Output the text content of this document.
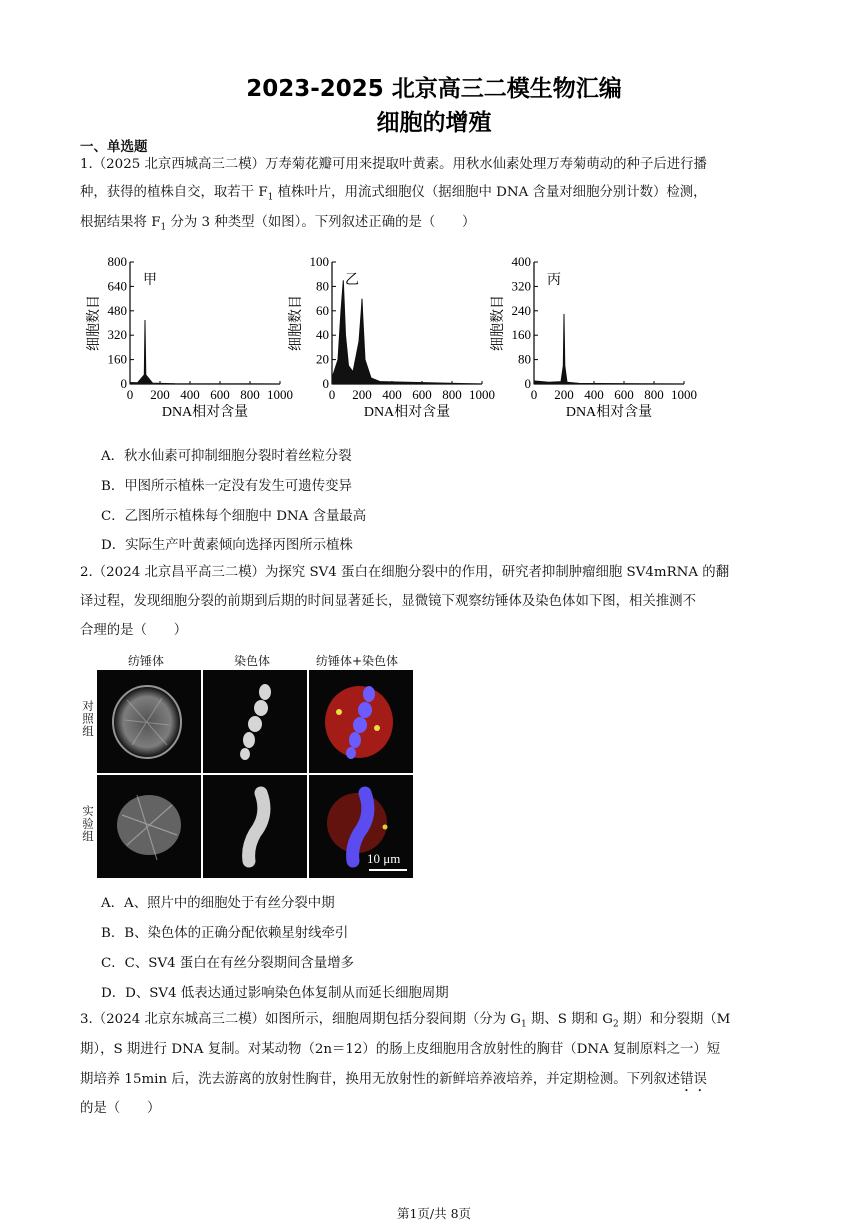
2023-2025 北京高三二模生物汇编
细胞的增殖
一、单选题
1.（2025 北京西城高三二模）万寿菊花瓣可用来提取叶黄素。用秋水仙素处理万寿菊萌动的种子后进行播
种，获得的植株自交，取若干 $F_1$ 植株叶片，用流式细胞仪（据细胞中 DNA 含量对细胞分别计数）检测，
根据结果将 $F_1$ 分为 3 种类型（如图）。下列叙述正确的是（　　）
0
160
320
480
640
800
0 200 400 600 800 1000
甲
DNA相对含量
细胞数目
0
20
40
60
80
100
0 200 400 600 800 1000
乙
DNA相对含量
细胞数目
0
80
160
240
320
400
0 200 400 600 800 1000
丙
DNA相对含量
细胞数目
A．秋水仙素可抑制细胞分裂时着丝粒分裂
B．甲图所示植株一定没有发生可遗传变异
C．乙图所示植株每个细胞中 DNA 含量最高
D．实际生产叶黄素倾向选择丙图所示植株
2.（2024 北京昌平高三二模）为探究 SV4 蛋白在细胞分裂中的作用，研究者抑制肿瘤细胞 SV4mRNA 的翻
译过程，发现细胞分裂的前期到后期的时间显著延长，显微镜下观察纺锤体及染色体如下图，相关推测不
合理的是（　　）
纺锤体	染色体	纺锤体+染色体
对照组
实验组
10 μm
A．A、照片中的细胞处于有丝分裂中期
B．B、染色体的正确分配依赖星射线牵引
C．C、SV4 蛋白在有丝分裂期间含量增多
D．D、SV4 低表达通过影响染色体复制从而延长细胞周期
3.（2024 北京东城高三二模）如图所示，细胞周期包括分裂间期（分为 $G_1$ 期、S 期和 $G_2$ 期）和分裂期（M
期），S 期进行 DNA 复制。对某动物（2n＝12）的肠上皮细胞用含放射性的胸苷（DNA 复制原料之一）短
期培养 15min 后，洗去游离的放射性胸苷，换用无放射性的新鲜培养液培养，并定期检测。下列叙述错误
的是（　　）
第1页/共 8页
